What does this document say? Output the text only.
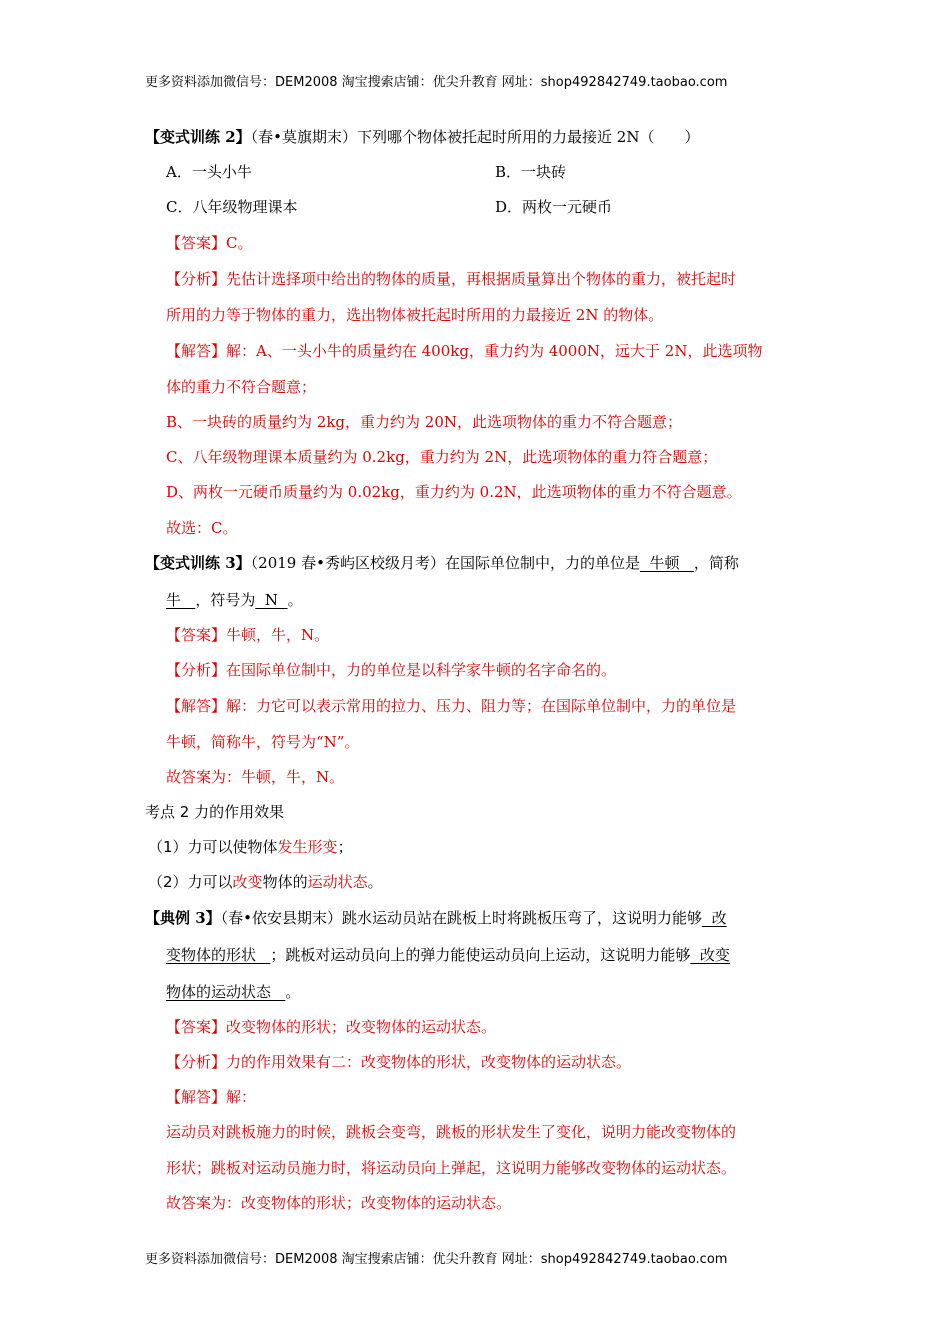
更多资料添加微信号：DEM2008 淘宝搜索店铺：优尖升教育 网址：shop492842749.taobao.com
【变式训练 2】（春•莫旗期末）下列哪个物体被托起时所用的力最接近 2N（　　）
A．一头小牛	B．一块砖
C．八年级物理课本	D．两枚一元硬币
【答案】C。
【分析】先估计选择项中给出的物体的质量，再根据质量算出个物体的重力，被托起时
所用的力等于物体的重力，选出物体被托起时所用的力最接近 2N 的物体。
【解答】解：A、一头小牛的质量约在 400kg，重力约为 4000N，远大于 2N，此选项物
体的重力不符合题意；
B、一块砖的质量约为 2kg，重力约为 20N，此选项物体的重力不符合题意；
C、八年级物理课本质量约为 0.2kg，重力约为 2N，此选项物体的重力符合题意；
D、两枚一元硬币质量约为 0.02kg，重力约为 0.2N，此选项物体的重力不符合题意。
故选：C。
【变式训练 3】（2019 春•秀屿区校级月考）在国际单位制中，力的单位是 牛顿 ，简称
牛 ，符号为 N 。
【答案】牛顿，牛，N。
【分析】在国际单位制中，力的单位是以科学家牛顿的名字命名的。
【解答】解：力它可以表示常用的拉力、压力、阻力等；在国际单位制中，力的单位是
牛顿，简称牛，符号为“N”。
故答案为：牛顿，牛，N。
考点 2 力的作用效果
（1）力可以使物体发生形变；
（2）力可以改变物体的运动状态。
【典例 3】（春•依安县期末）跳水运动员站在跳板上时将跳板压弯了，这说明力能够 改
变物体的形状 ；跳板对运动员向上的弹力能使运动员向上运动，这说明力能够 改变
物体的运动状态 。
【答案】改变物体的形状；改变物体的运动状态。
【分析】力的作用效果有二：改变物体的形状，改变物体的运动状态。
【解答】解：
运动员对跳板施力的时候，跳板会变弯，跳板的形状发生了变化，说明力能改变物体的
形状；跳板对运动员施力时，将运动员向上弹起，这说明力能够改变物体的运动状态。
故答案为：改变物体的形状；改变物体的运动状态。
更多资料添加微信号：DEM2008 淘宝搜索店铺：优尖升教育 网址：shop492842749.taobao.com
